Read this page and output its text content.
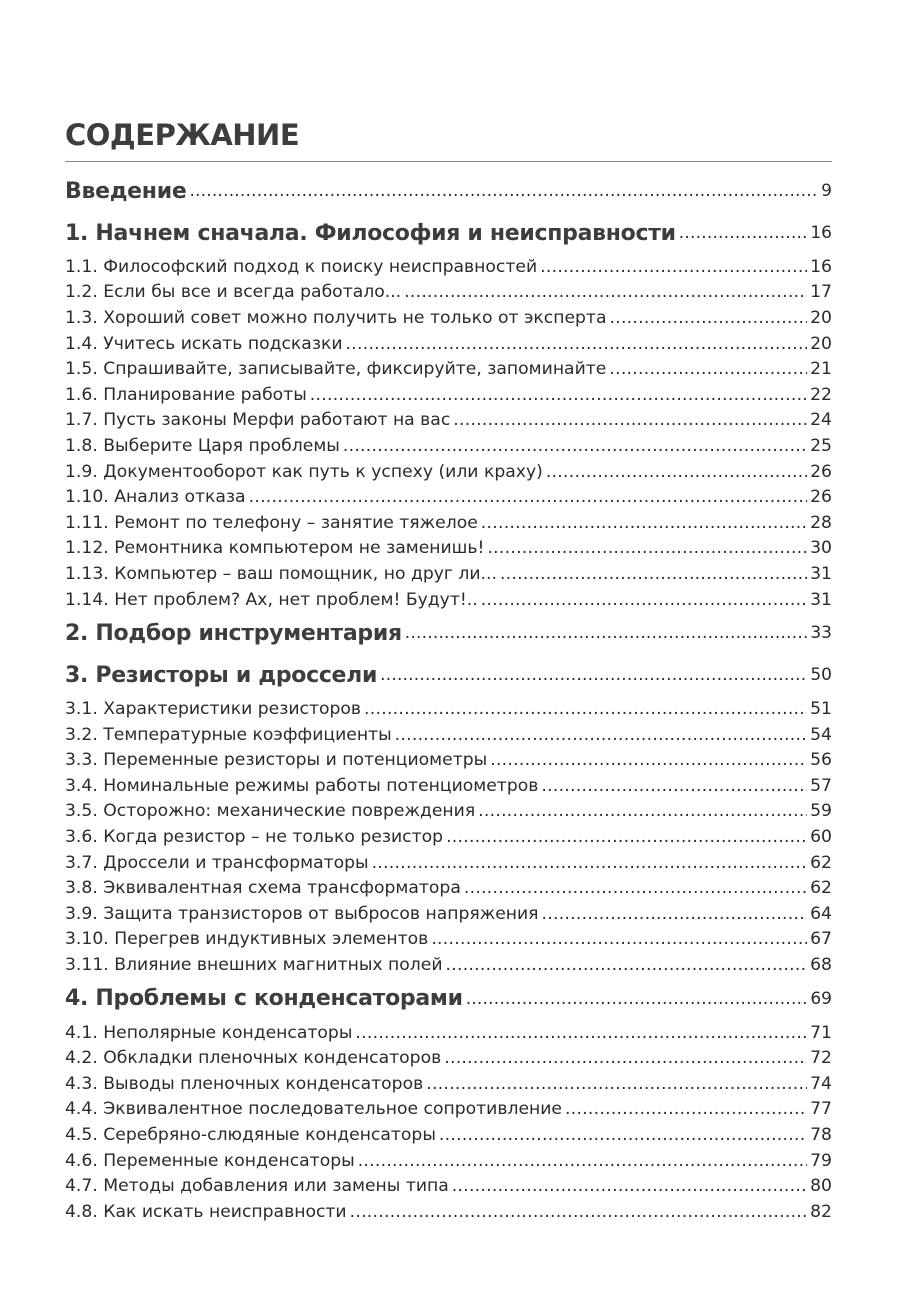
СОДЕРЖАНИЕ
Введение . . .	9
1. Начнем сначала. Философия и неисправности . . .	16
1.1. Философский подход к поиску неисправностей . . .	16
1.2. Если бы все и всегда работало... . . .	17
1.3. Хороший совет можно получить не только от эксперта . . .	20
1.4. Учитесь искать подсказки . . .	20
1.5. Спрашивайте, записывайте, фиксируйте, запоминайте . . .	21
1.6. Планирование работы . . .	22
1.7. Пусть законы Мерфи работают на вас . . .	24
1.8. Выберите Царя проблемы . . .	25
1.9. Документооборот как путь к успеху (или краху) . . .	26
1.10. Анализ отказа . . .	26
1.11. Ремонт по телефону – занятие тяжелое . . .	28
1.12. Ремонтника компьютером не заменишь! . . .	30
1.13. Компьютер – ваш помощник, но друг ли... . . .	31
1.14. Нет проблем? Ах, нет проблем! Будут!.. . . .	31
2. Подбор инструментария . . .	33
3. Резисторы и дроссели . . .	50
3.1. Характеристики резисторов . . .	51
3.2. Температурные коэффициенты . . .	54
3.3. Переменные резисторы и потенциометры . . .	56
3.4. Номинальные режимы работы потенциометров . . .	57
3.5. Осторожно: механические повреждения . . .	59
3.6. Когда резистор – не только резистор . . .	60
3.7. Дроссели и трансформаторы . . .	62
3.8. Эквивалентная схема трансформатора . . .	62
3.9. Защита транзисторов от выбросов напряжения . . .	64
3.10. Перегрев индуктивных элементов . . .	67
3.11. Влияние внешних магнитных полей . . .	68
4. Проблемы с конденсаторами . . .	69
4.1. Неполярные конденсаторы . . .	71
4.2. Обкладки пленочных конденсаторов . . .	72
4.3. Выводы пленочных конденсаторов . . .	74
4.4. Эквивалентное последовательное сопротивление . . .	77
4.5. Серебряно-слюдяные конденсаторы . . .	78
4.6. Переменные конденсаторы . . .	79
4.7. Методы добавления или замены типа . . .	80
4.8. Как искать неисправности . . .	82
